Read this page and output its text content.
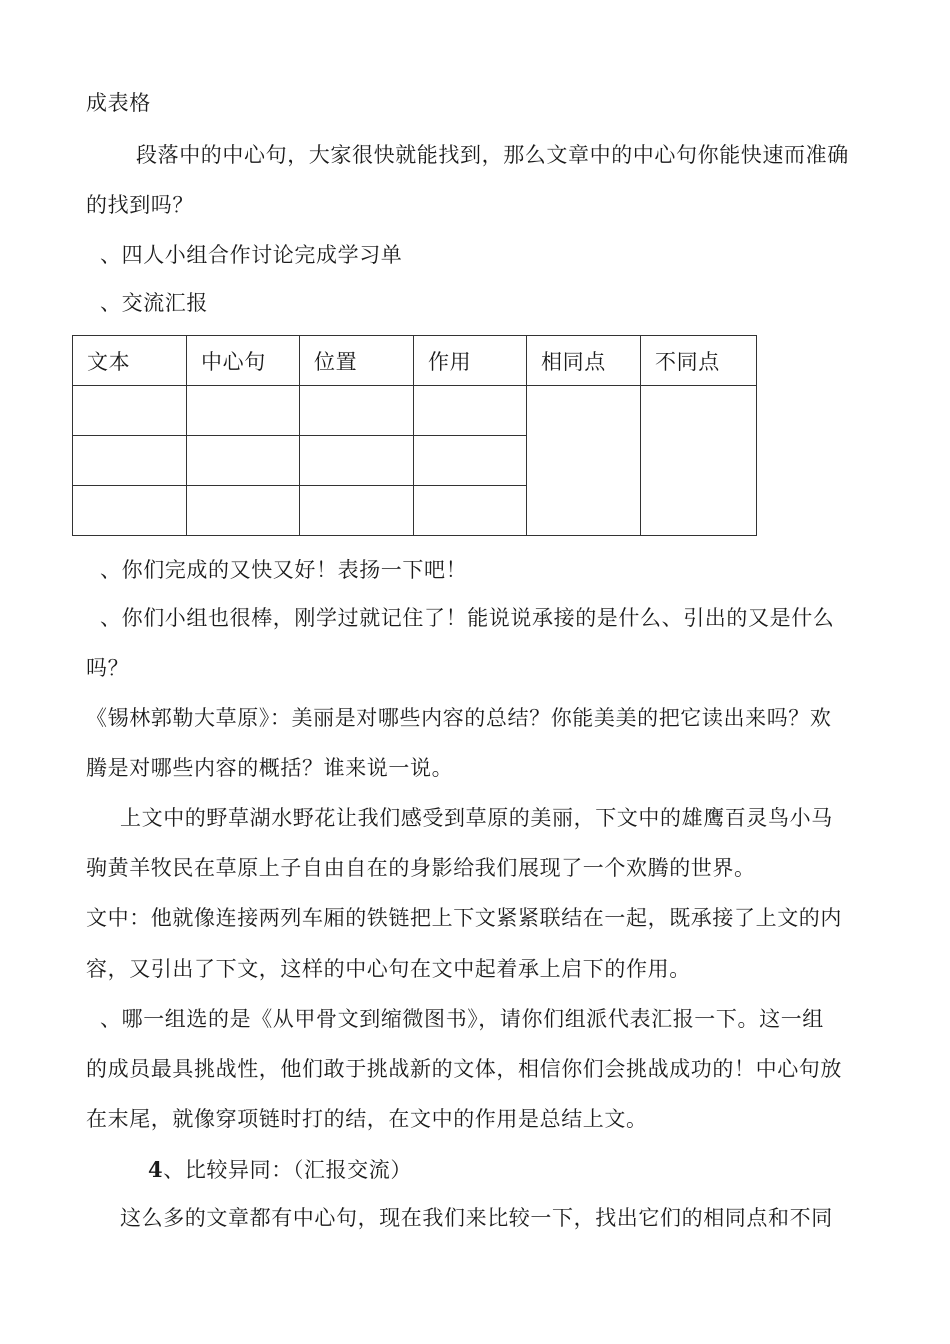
成表格
段落中的中心句，大家很快就能找到，那么文章中的中心句你能快速而准确
的找到吗？
、四人小组合作讨论完成学习单
、交流汇报
文本	中心句	位置	作用	相同点	不同点

、你们完成的又快又好！表扬一下吧！
、你们小组也很棒，刚学过就记住了！能说说承接的是什么、引出的又是什么
吗？
《锡林郭勒大草原》：美丽是对哪些内容的总结？你能美美的把它读出来吗？欢
腾是对哪些内容的概括？谁来说一说。
上文中的野草湖水野花让我们感受到草原的美丽，下文中的雄鹰百灵鸟小马
驹黄羊牧民在草原上子自由自在的身影给我们展现了一个欢腾的世界。
文中：他就像连接两列车厢的铁链把上下文紧紧联结在一起，既承接了上文的内
容，又引出了下文，这样的中心句在文中起着承上启下的作用。
、哪一组选的是《从甲骨文到缩微图书》，请你们组派代表汇报一下。这一组
的成员最具挑战性，他们敢于挑战新的文体，相信你们会挑战成功的！中心句放
在末尾，就像穿项链时打的结，在文中的作用是总结上文。
4、比较异同：（汇报交流）
这么多的文章都有中心句，现在我们来比较一下，找出它们的相同点和不同
